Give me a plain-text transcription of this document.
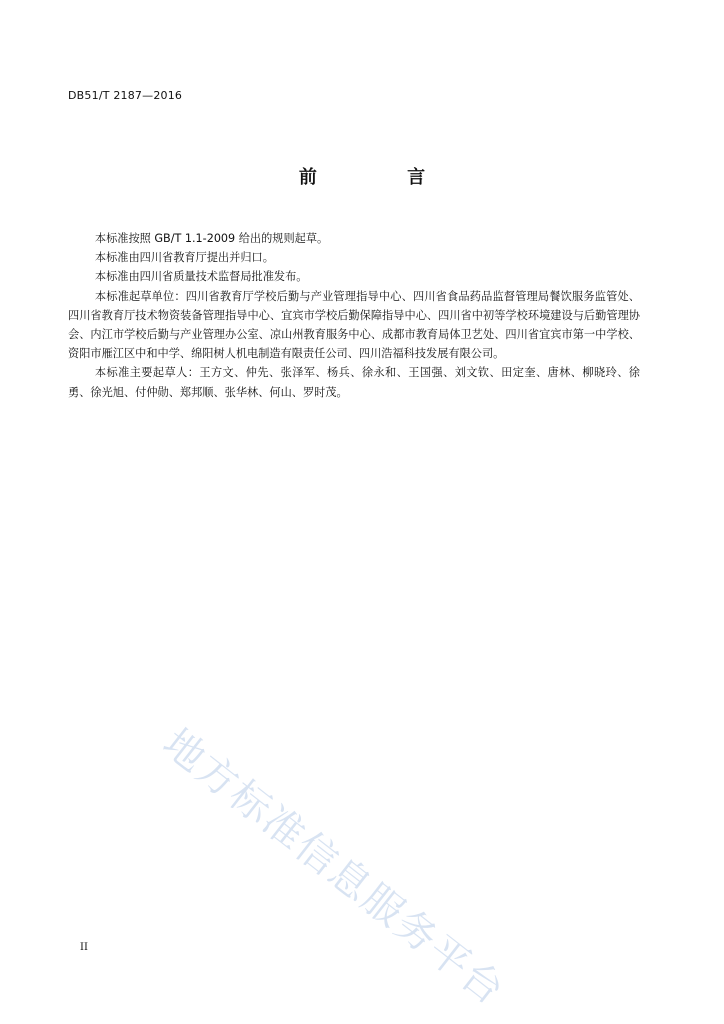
DB51/T 2187—2016
前 言

本标准按照 GB/T 1.1-2009 给出的规则起草。

本标准由四川省教育厅提出并归口。

本标准由四川省质量技术监督局批准发布。

本标准起草单位：四川省教育厅学校后勤与产业管理指导中心、四川省食品药品监督管理局餐饮服务监管处、四川省教育厅技术物资装备管理指导中心、宜宾市学校后勤保障指导中心、四川省中初等学校环境建设与后勤管理协会、内江市学校后勤与产业管理办公室、凉山州教育服务中心、成都市教育局体卫艺处、四川省宜宾市第一中学校、资阳市雁江区中和中学、绵阳树人机电制造有限责任公司、四川浩福科技发展有限公司。

本标准主要起草人：王方文、仲先、张泽军、杨兵、徐永和、王国强、刘文钦、田定奎、唐林、柳晓玲、徐勇、徐光旭、付仲勋、郑邦顺、张华林、何山、罗时茂。

地方标准信息服务平台
II
